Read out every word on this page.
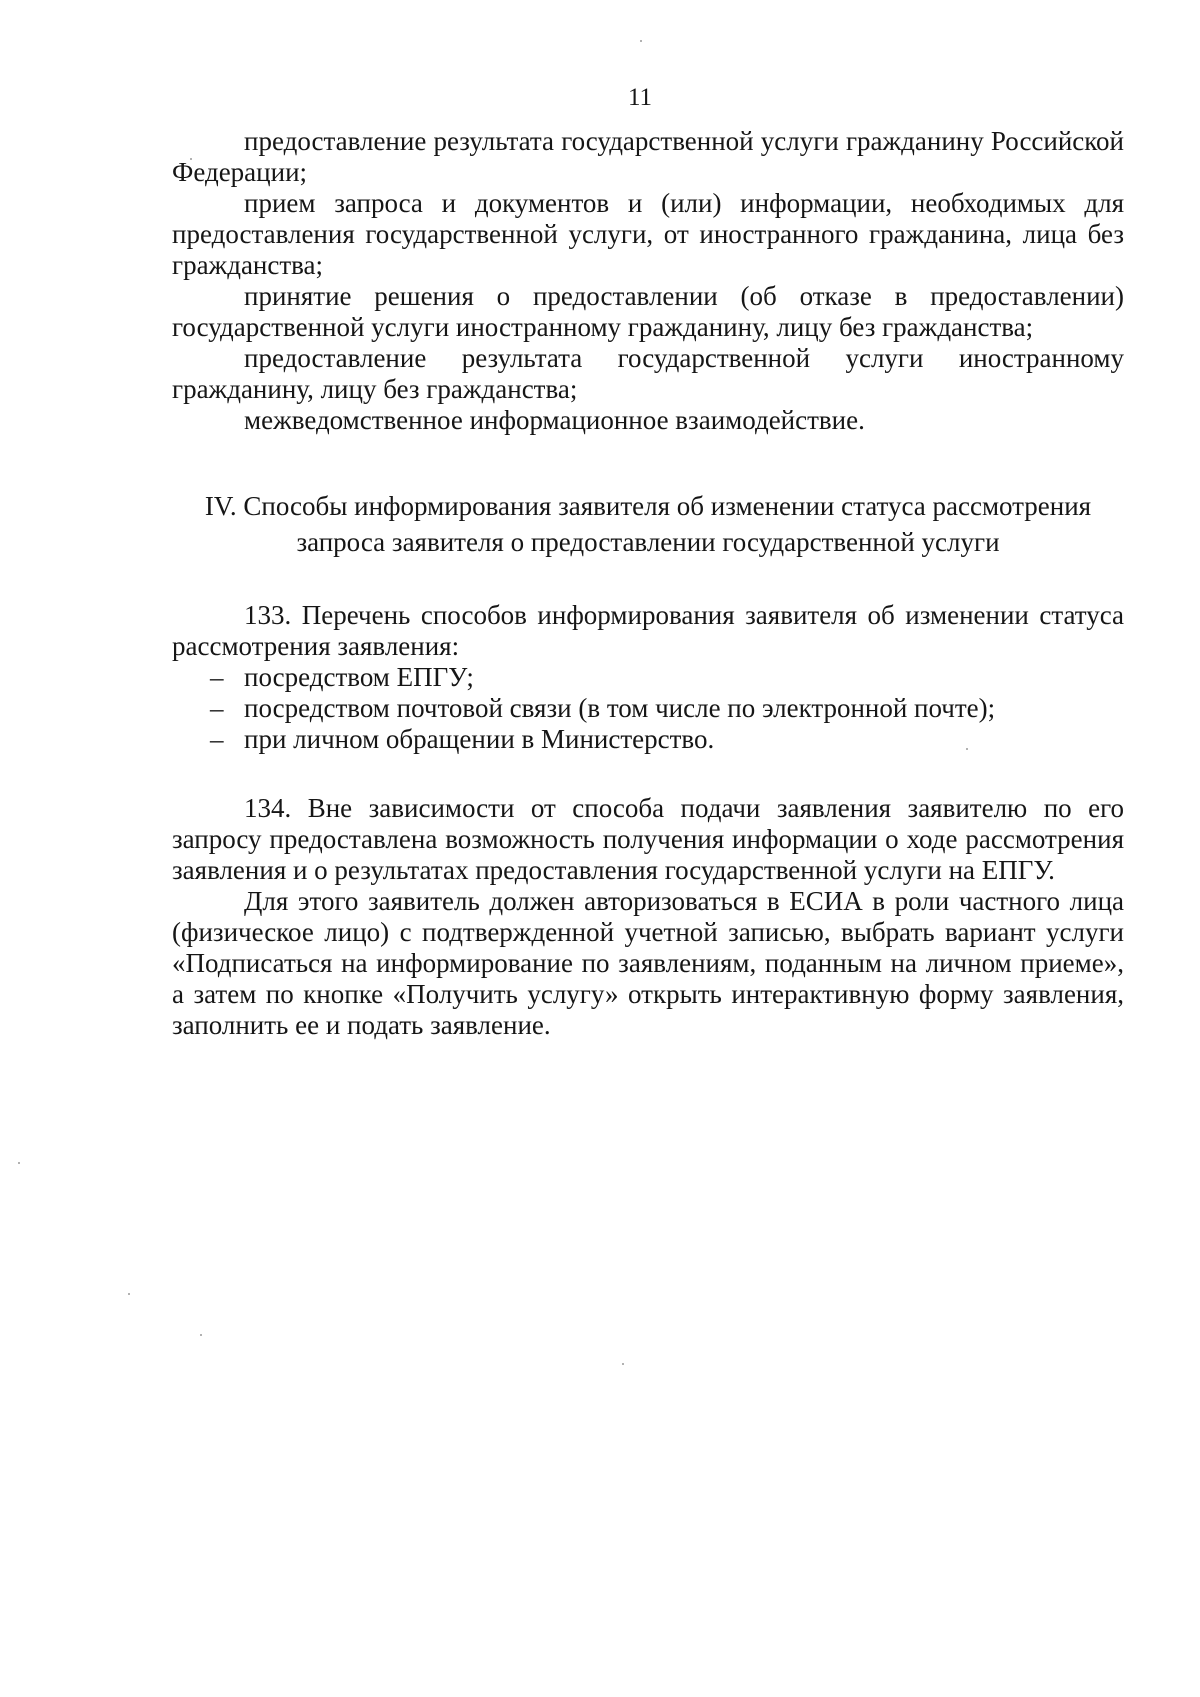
11

предоставление результата государственной услуги гражданину Российской Федерации;

прием запроса и документов и (или) информации, необходимых для предоставления государственной услуги, от иностранного гражданина, лица без гражданства;

принятие решения о предоставлении (об отказе в предоставлении) государственной услуги иностранному гражданину, лицу без гражданства;

предоставление результата государственной услуги иностранному гражданину, лицу без гражданства;

межведомственное информационное взаимодействие.

IV. Способы информирования заявителя об изменении статуса рассмотрения
запроса заявителя о предоставлении государственной услуги

133. Перечень способов информирования заявителя об изменении статуса рассмотрения заявления:

– посредством ЕПГУ;
– посредством почтовой связи (в том числе по электронной почте);
– при личном обращении в Министерство.

134. Вне зависимости от способа подачи заявления заявителю по его запросу предоставлена возможность получения информации о ходе рассмотрения заявления и о результатах предоставления государственной услуги на ЕПГУ.

Для этого заявитель должен авторизоваться в ЕСИА в роли частного лица (физическое лицо) с подтвержденной учетной записью, выбрать вариант услуги «Подписаться на информирование по заявлениям, поданным на личном приеме», а затем по кнопке «Получить услугу» открыть интерактивную форму заявления, заполнить ее и подать заявление.
